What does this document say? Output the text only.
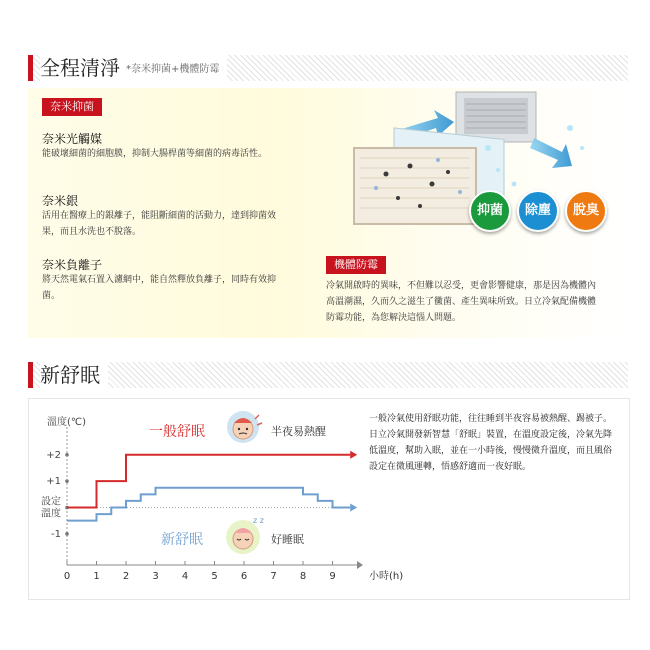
全程清淨 *奈米抑菌+機體防霉
奈米抑菌
奈米光觸媒
能破壞細菌的細胞膜，抑制大腸桿菌等細菌的病毒活性。
奈米銀
活用在醫療上的銀離子，能阻斷細菌的活動力，達到抑菌效果，而且水洗也不脫落。
奈米負離子
將天然電氣石置入濾網中，能自然釋放負離子，同時有效抑菌。
抑菌	除塵	脫臭
機體防霉
冷氣開啟時的異味，不但難以忍受，更會影響健康，那是因為機體內高溫潮濕，久而久之滋生了黴菌、產生異味所致。日立冷氣配備機體防霉功能，為您解決這惱人問題。
新舒眠
+2
+1
設定溫度
-1
0 1 2 3 4 5 6 7 8 9	小時(h)
溫度(℃)
z z
一般舒眠	半夜易熱醒
新舒眠	好睡眠
一般冷氣使用舒眠功能，往往睡到半夜容易被熱醒、踢被子。日立冷氣開發新智慧「舒眠」裝置，在溫度設定後，冷氣先降低溫度，幫助入眠，並在一小時後，慢慢微升溫度，而且風俗設定在微風運轉，悟感舒適而一夜好眠。
